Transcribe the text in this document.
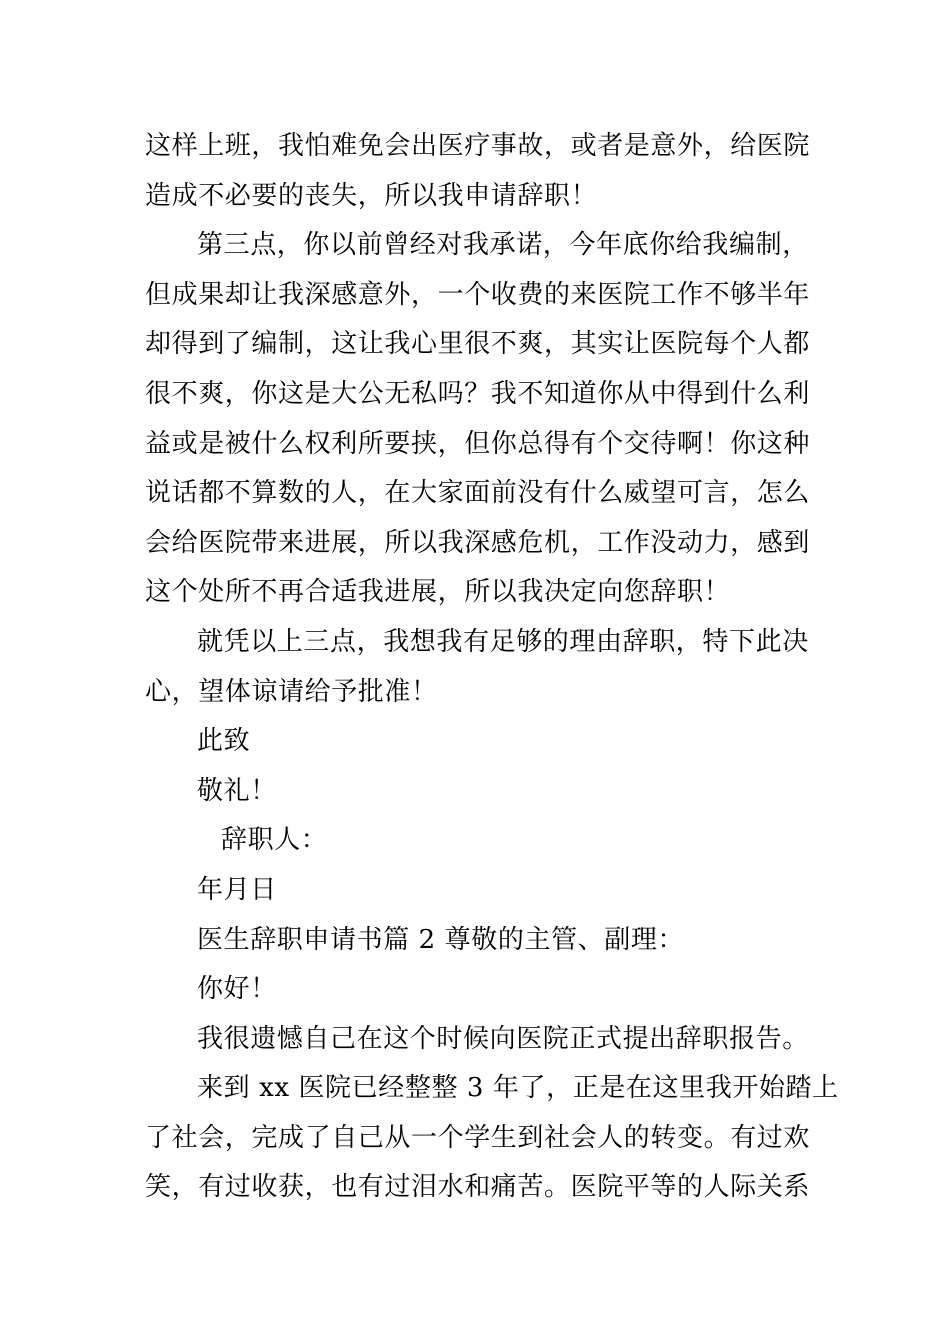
这样上班，我怕难免会出医疗事故，或者是意外，给医院
造成不必要的丧失，所以我申请辞职！
第三点，你以前曾经对我承诺，今年底你给我编制，
但成果却让我深感意外，一个收费的来医院工作不够半年
却得到了编制，这让我心里很不爽，其实让医院每个人都
很不爽，你这是大公无私吗？我不知道你从中得到什么利
益或是被什么权利所要挟，但你总得有个交待啊！你这种
说话都不算数的人，在大家面前没有什么威望可言，怎么
会给医院带来进展，所以我深感危机，工作没动力，感到
这个处所不再合适我进展，所以我决定向您辞职！
就凭以上三点，我想我有足够的理由辞职，特下此决
心，望体谅请给予批准！
此致
敬礼！
辞职人：
年月日
医生辞职申请书篇 2 尊敬的主管、副理：
你好！
我很遗憾自己在这个时候向医院正式提出辞职报告。
来到 xx 医院已经整整 3 年了，正是在这里我开始踏上
了社会，完成了自己从一个学生到社会人的转变。有过欢
笑，有过收获，也有过泪水和痛苦。医院平等的人际关系
